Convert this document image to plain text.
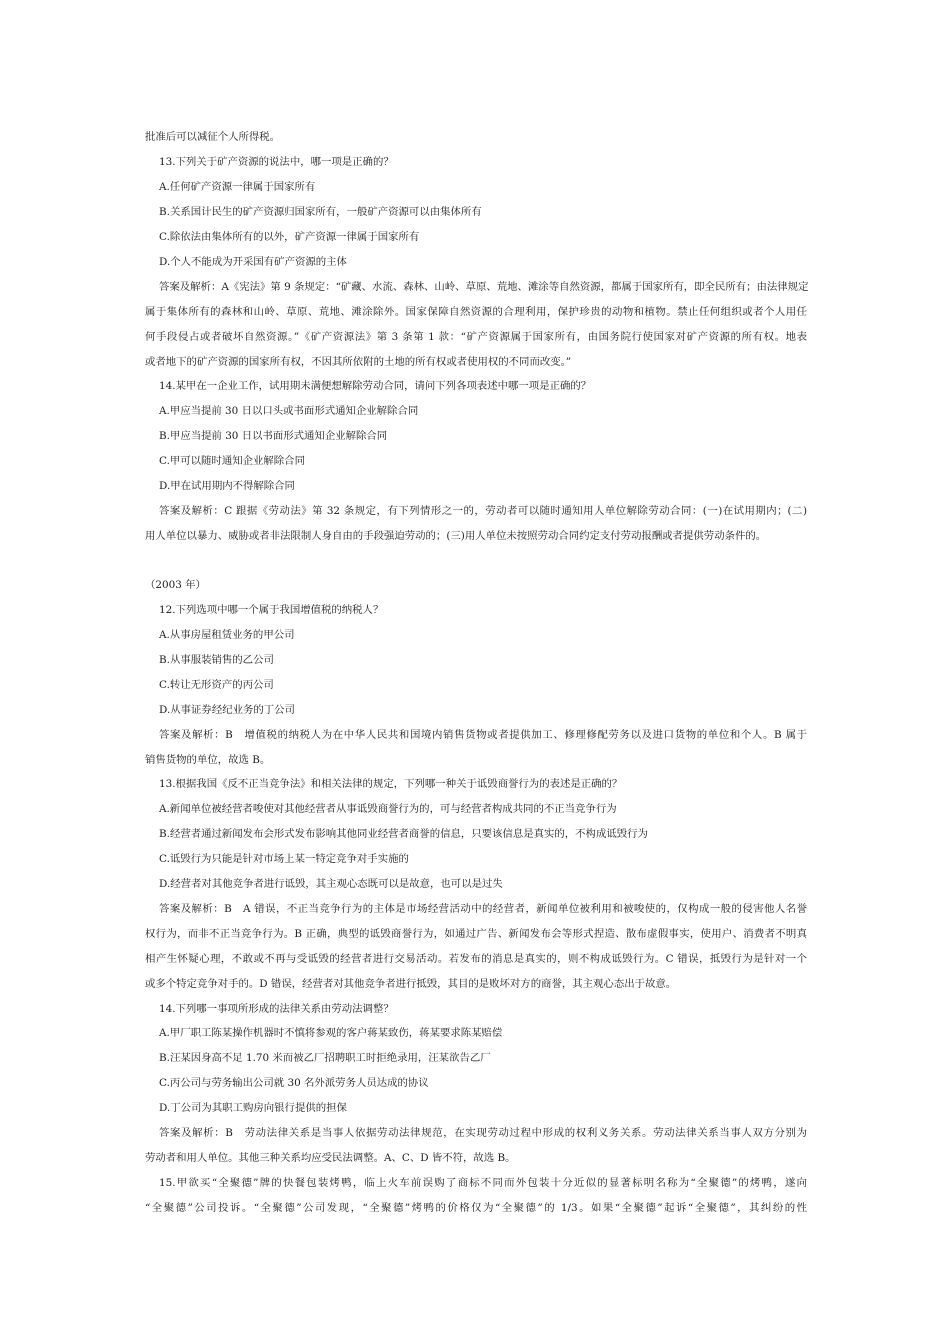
批准后可以减征个人所得税。
13.下列关于矿产资源的说法中，哪一项是正确的？
A.任何矿产资源一律属于国家所有
B.关系国计民生的矿产资源归国家所有，一般矿产资源可以由集体所有
C.除依法由集体所有的以外，矿产资源一律属于国家所有
D.个人不能成为开采国有矿产资源的主体
答案及解析：A《宪法》第 9 条规定：“矿藏、水流、森林、山岭、草原、荒地、滩涂等自然资源，都属于国家所有，即全民所有；由法律规定
属于集体所有的森林和山岭、草原、荒地、滩涂除外。国家保障自然资源的合理利用，保护珍贵的动物和植物。禁止任何组织或者个人用任
何手段侵占或者破坏自然资源。”《矿产资源法》第 3 条第 1 款：“矿产资源属于国家所有，由国务院行使国家对矿产资源的所有权。地表
或者地下的矿产资源的国家所有权，不因其所依附的土地的所有权或者使用权的不同而改变。”
14.某甲在一企业工作，试用期未满便想解除劳动合同，请问下列各项表述中哪一项是正确的？
A.甲应当提前 30 日以口头或书面形式通知企业解除合同
B.甲应当提前 30 日以书面形式通知企业解除合同
C.甲可以随时通知企业解除合同
D.甲在试用期内不得解除合同
答案及解析：C 跟据《劳动法》第 32 条规定，有下列情形之一的，劳动者可以随时通知用人单位解除劳动合同：(一)在试用期内；(二)
用人单位以暴力、威胁或者非法限制人身自由的手段强迫劳动的；(三)用人单位未按照劳动合同约定支付劳动报酬或者提供劳动条件的。
（2003 年）
12.下列选项中哪一个属于我国增值税的纳税人？
A.从事房屋租赁业务的甲公司
B.从事服装销售的乙公司
C.转让无形资产的丙公司
D.从事证券经纪业务的丁公司
答案及解析：B　增值税的纳税人为在中华人民共和国境内销售货物或者提供加工、修理修配劳务以及进口货物的单位和个人。B 属于
销售货物的单位，故选 B。
13.根据我国《反不正当竞争法》和相关法律的规定，下列哪一种关于诋毁商誉行为的表述是正确的？
A.新闻单位被经营者唆使对其他经营者从事诋毁商誉行为的，可与经营者构成共同的不正当竞争行为
B.经营者通过新闻发布会形式发布影响其他同业经营者商誉的信息，只要该信息是真实的，不构成诋毁行为
C.诋毁行为只能是针对市场上某一特定竞争对手实施的
D.经营者对其他竞争者进行诋毁，其主观心态既可以是故意，也可以是过失
答案及解析：B　A 错误，不正当竞争行为的主体是市场经营活动中的经营者，新闻单位被利用和被唆使的，仅构成一般的侵害他人名誉
权行为，而非不正当竞争行为。B 正确，典型的诋毁商誉行为，如通过广告、新闻发布会等形式捏造、散布虚假事实，使用户、消费者不明真
相产生怀疑心理，不敢或不再与受诋毁的经营者进行交易活动。若发布的消息是真实的，则不构成诋毁行为。C 错误，抵毁行为是针对一个
或多个特定竞争对手的。D 错误，经营者对其他竞争者进行抵毁，其目的是败坏对方的商誉，其主观心态出于故意。
14.下列哪一事项所形成的法律关系由劳动法调整？
A.甲厂职工陈某操作机器时不慎将参观的客户蒋某致伤，蒋某要求陈某赔偿
B.汪某因身高不足 1.70 米而被乙厂招聘职工时拒绝录用，汪某欲告乙厂
C.丙公司与劳务输出公司就 30 名外派劳务人员达成的协议
D.丁公司为其职工购房向银行提供的担保
答案及解析：B　劳动法律关系是当事人依据劳动法律规范，在实现劳动过程中形成的权利义务关系。劳动法律关系当事人双方分别为
劳动者和用人单位。其他三种关系均应受民法调整。A、C、D 皆不符，故选 B。
15.甲欲买“全聚德”牌的快餐包装烤鸭，临上火车前误购了商标不同而外包装十分近似的显著标明名称为“全聚德”的烤鸭，遂向
“全聚德”公司投诉。“全聚德”公司发现，“全聚德”烤鸭的价格仅为“全聚德”的 1/3。如果“全聚德”起诉“全聚德”，其纠纷的性
